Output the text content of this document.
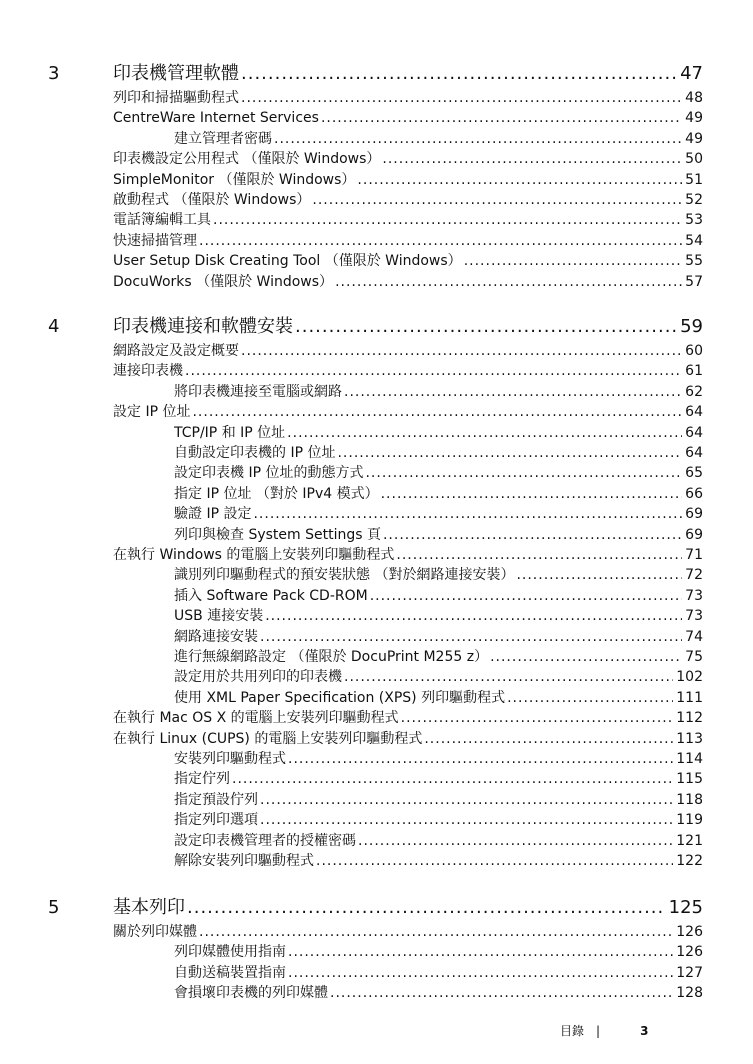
3	印表機管理軟體 .....	47
列印和掃描驅動程式 .....	48
CentreWare Internet Services .....	49
建立管理者密碼 .....	49
印表機設定公用程式 （僅限於 Windows） .....	50
SimpleMonitor （僅限於 Windows） .....	51
啟動程式 （僅限於 Windows） .....	52
電話簿編輯工具 .....	53
快速掃描管理 .....	54
User Setup Disk Creating Tool （僅限於 Windows） .....	55
DocuWorks （僅限於 Windows） .....	57
4	印表機連接和軟體安裝 .....	59
網路設定及設定概要 .....	60
連接印表機 .....	61
將印表機連接至電腦或網路 .....	62
設定 IP 位址 .....	64
TCP/IP 和 IP 位址 .....	64
自動設定印表機的 IP 位址 .....	64
設定印表機 IP 位址的動態方式 .....	65
指定 IP 位址 （對於 IPv4 模式） .....	66
驗證 IP 設定 .....	69
列印與檢查 System Settings 頁 .....	69
在執行 Windows 的電腦上安裝列印驅動程式 .....	71
識別列印驅動程式的預安裝狀態 （對於網路連接安裝） .....	72
插入 Software Pack CD-ROM .....	73
USB 連接安裝 .....	73
網路連接安裝 .....	74
進行無線網路設定 （僅限於 DocuPrint M255 z） .....	75
設定用於共用列印的印表機 .....	102
使用 XML Paper Specification (XPS) 列印驅動程式 .....	111
在執行 Mac OS X 的電腦上安裝列印驅動程式 .....	112
在執行 Linux (CUPS) 的電腦上安裝列印驅動程式 .....	113
安裝列印驅動程式 .....	114
指定佇列 .....	115
指定預設佇列 .....	118
指定列印選項 .....	119
設定印表機管理者的授權密碼 .....	121
解除安裝列印驅動程式 .....	122
5	基本列印 .....	125
關於列印媒體 .....	126
列印媒體使用指南 .....	126
自動送稿裝置指南 .....	127
會損壞印表機的列印媒體 .....	128
目錄 |	3
